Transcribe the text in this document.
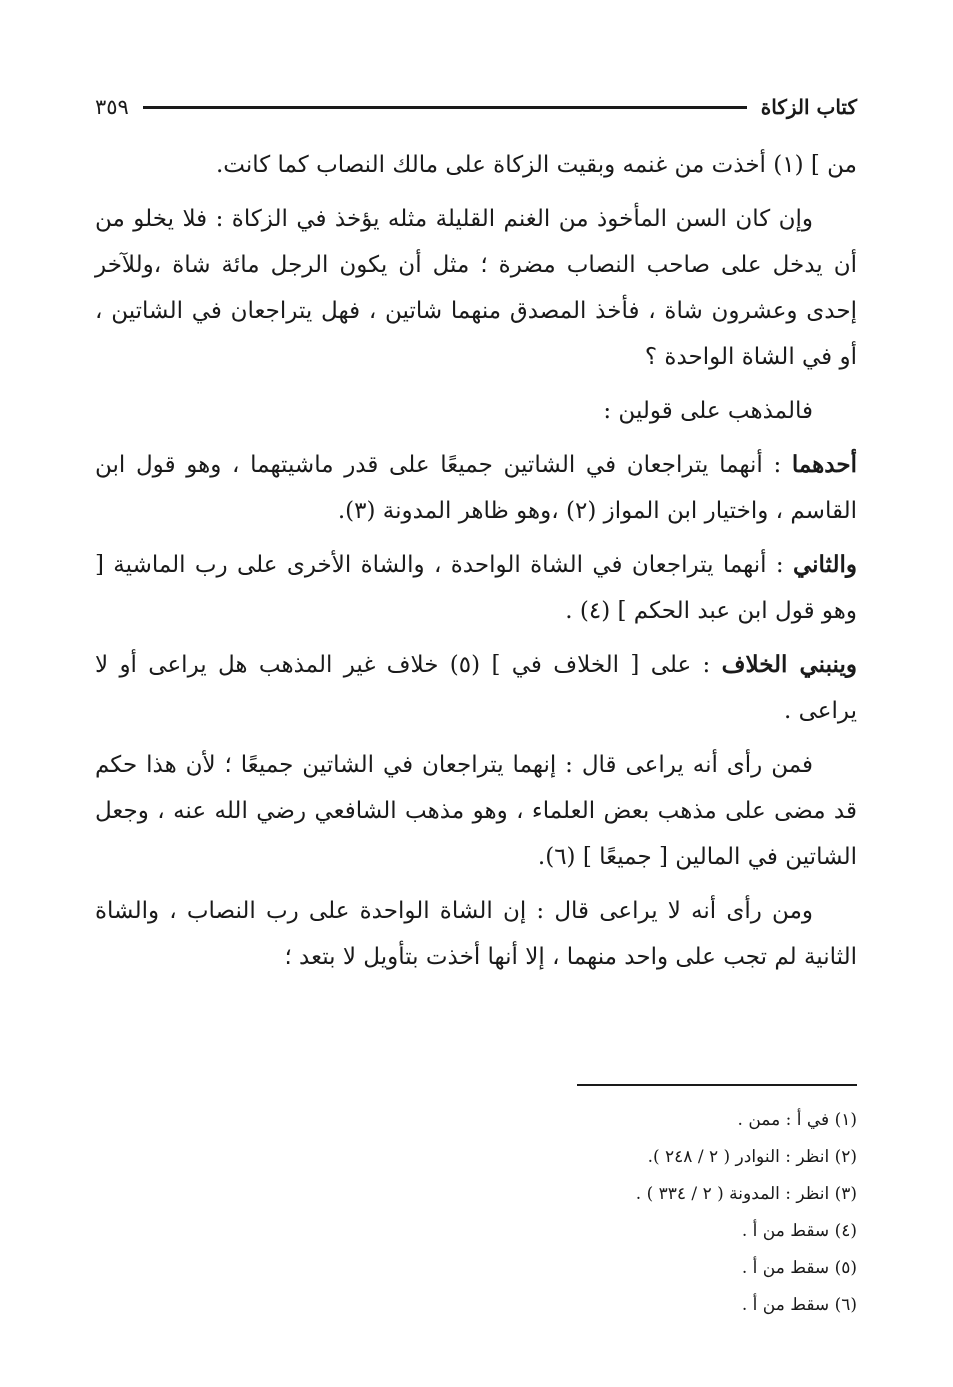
كتاب الزكاة
٣٥٩

من ] (١) أخذت من غنمه وبقيت الزكاة على مالك النصاب كما كانت.

وإن كان السن المأخوذ من الغنم القليلة مثله يؤخذ في الزكاة : فلا يخلو من أن يدخل على صاحب النصاب مضرة ؛ مثل أن يكون الرجل مائة شاة ،وللآخر إحدى وعشرون شاة ، فأخذ المصدق منهما شاتين ، فهل يتراجعان في الشاتين ، أو في الشاة الواحدة ؟

فالمذهب على قولين :

أحدهما : أنهما يتراجعان في الشاتين جميعًا على قدر ماشيتهما ، وهو قول ابن القاسم ، واختيار ابن المواز (٢) ،وهو ظاهر المدونة (٣).

والثاني : أنهما يتراجعان في الشاة الواحدة ، والشاة الأخرى على رب الماشية [ وهو قول ابن عبد الحكم ] (٤) .

وينبني الخلاف : على [ الخلاف في ] (٥) خلاف غير المذهب هل يراعى أو لا يراعى .

فمن رأى أنه يراعى قال : إنهما يتراجعان في الشاتين جميعًا ؛ لأن هذا حكم قد مضى على مذهب بعض العلماء ، وهو مذهب الشافعي رضي الله عنه ، وجعل الشاتين في المالين [ جميعًا ] (٦).

ومن رأى أنه لا يراعى قال : إن الشاة الواحدة على رب النصاب ، والشاة الثانية لم تجب على واحد منهما ، إلا أنها أخذت بتأويل لا بتعد ؛

(١) في أ : ممن .
(٢) انظر : النوادر ( ٢ / ٢٤٨ ).
(٣) انظر : المدونة ( ٢ / ٣٣٤ ) .
(٤) سقط من أ .
(٥) سقط من أ .
(٦) سقط من أ .
